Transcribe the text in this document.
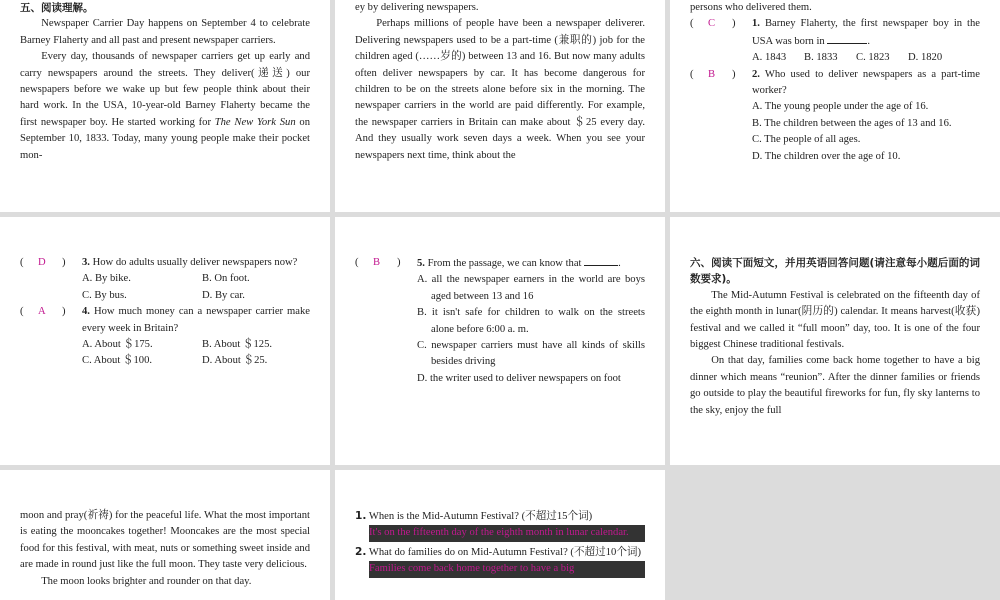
五、阅读理解。

Newspaper Carrier Day happens on September 4 to celebrate Barney Flaherty and all past and present newspaper carriers.

Every day, thousands of newspaper carriers get up early and carry newspapers around the streets. They deliver(递送) our newspapers before we wake up but few people think about their hard work. In the USA, 10-year-old Barney Flaherty became the first newspaper boy. He started working for The New York Sun on September 10, 1833. Today, many young people make their pocket mon-

ey by delivering newspapers.

Perhaps millions of people have been a newspaper deliverer. Delivering newspapers used to be a part-time (兼职的) job for the children aged (……岁的) between 13 and 16. But now many adults often deliver newspapers by car. It has become dangerous for children to be on the streets alone before six in the morning. The newspaper carriers in the world are paid differently. For example, the newspaper carriers in Britain can make about ＄25 every day. And they usually work seven days a week. When you see your newspapers next time, think about the

persons who delivered them.

( C ) 1. Barney Flaherty, the first newspaper boy in the USA was born in	.
A. 1843	B. 1833	C. 1823	D. 1820
( B ) 2. Who used to deliver newspapers as a part-time worker?

A. The young people under the age of 16.

B. The children between the ages of 13 and 16.

C. The people of all ages.

D. The children over the age of 10.

( D ) 3. How do adults usually deliver newspapers now?
A. By bike.	B. On foot.
C. By bus.	D. By car.
( A ) 4. How much money can a newspaper carrier make every week in Britain?
A. About ＄175.	B. About ＄125.
C. About ＄100.	D. About ＄25.
( B ) 5. From the passage, we can know that	.

A. all the newspaper earners in the world are boys aged between 13 and 16

B. it isn't safe for children to walk on the streets alone before 6:00 a. m.

C. newspaper carriers must have all kinds of skills besides driving

D. the writer used to deliver newspapers on foot

六、阅读下面短文，并用英语回答问题(请注意每小题后面的词数要求)。

The Mid-Autumn Festival is celebrated on the fifteenth day of the eighth month in lunar(阴历的) calendar. It means harvest(收获) festival and we called it “full moon” day, too. It is one of the four biggest Chinese traditional festivals.

On that day, families come back home together to have a big dinner which means “reunion”. After the dinner families or friends go outside to play the beautiful fireworks for fun, fly sky lanterns to the sky, enjoy the full

moon and pray(祈祷) for the peaceful life. What the most important is eating the mooncakes together! Mooncakes are the most special food for this festival, with meat, nuts or something sweet inside and are made in round just like the full moon. They taste very delicious.

The moon looks brighter and rounder on that day.

1. When is the Mid-Autumn Festival? (不超过15个词)

It's on the fifteenth day of the eighth month in lunar calendar.

2. What do families do on Mid-Autumn Festival? (不超过10个词)

Families come back home together to have a big
